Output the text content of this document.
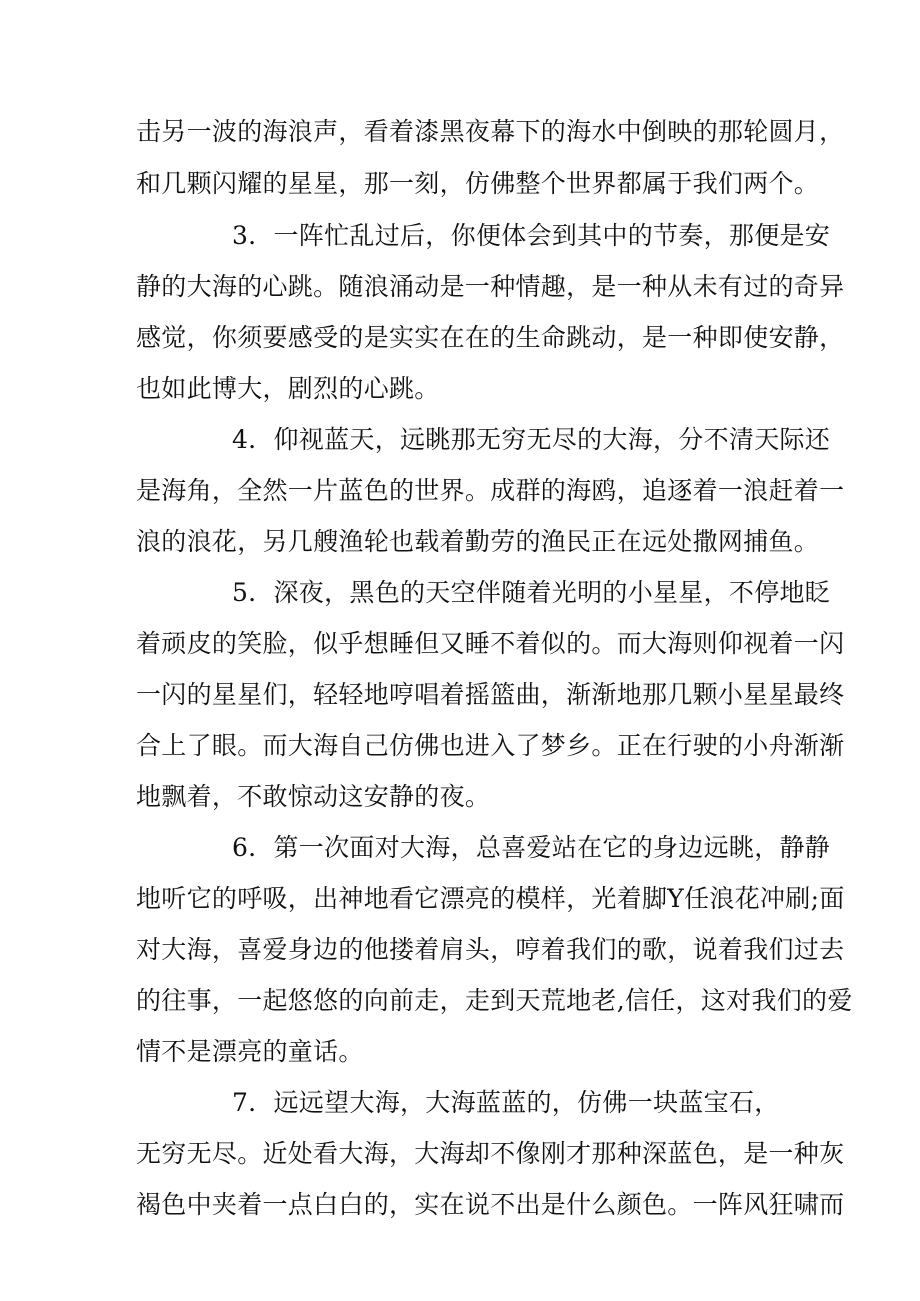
击另一波的海浪声，看着漆黑夜幕下的海水中倒映的那轮圆月，
和几颗闪耀的星星，那一刻，仿佛整个世界都属于我们两个。
3．一阵忙乱过后，你便体会到其中的节奏，那便是安
静的大海的心跳。随浪涌动是一种情趣，是一种从未有过的奇异
感觉，你须要感受的是实实在在的生命跳动，是一种即使安静，
也如此博大，剧烈的心跳。
4．仰视蓝天，远眺那无穷无尽的大海，分不清天际还
是海角，全然一片蓝色的世界。成群的海鸥，追逐着一浪赶着一
浪的浪花，另几艘渔轮也载着勤劳的渔民正在远处撒网捕鱼。
5．深夜，黑色的天空伴随着光明的小星星，不停地眨
着顽皮的笑脸，似乎想睡但又睡不着似的。而大海则仰视着一闪
一闪的星星们，轻轻地哼唱着摇篮曲，渐渐地那几颗小星星最终
合上了眼。而大海自己仿佛也进入了梦乡。正在行驶的小舟渐渐
地飘着，不敢惊动这安静的夜。
6．第一次面对大海，总喜爱站在它的身边远眺，静静
地听它的呼吸，出神地看它漂亮的模样，光着脚Y任浪花冲刷;面
对大海，喜爱身边的他搂着肩头，哼着我们的歌，说着我们过去
的往事，一起悠悠的向前走，走到天荒地老,信任，这对我们的爱
情不是漂亮的童话。
7．远远望大海，大海蓝蓝的，仿佛一块蓝宝石，
无穷无尽。近处看大海，大海却不像刚才那种深蓝色，是一种灰
褐色中夹着一点白白的，实在说不出是什么颜色。一阵风狂啸而
